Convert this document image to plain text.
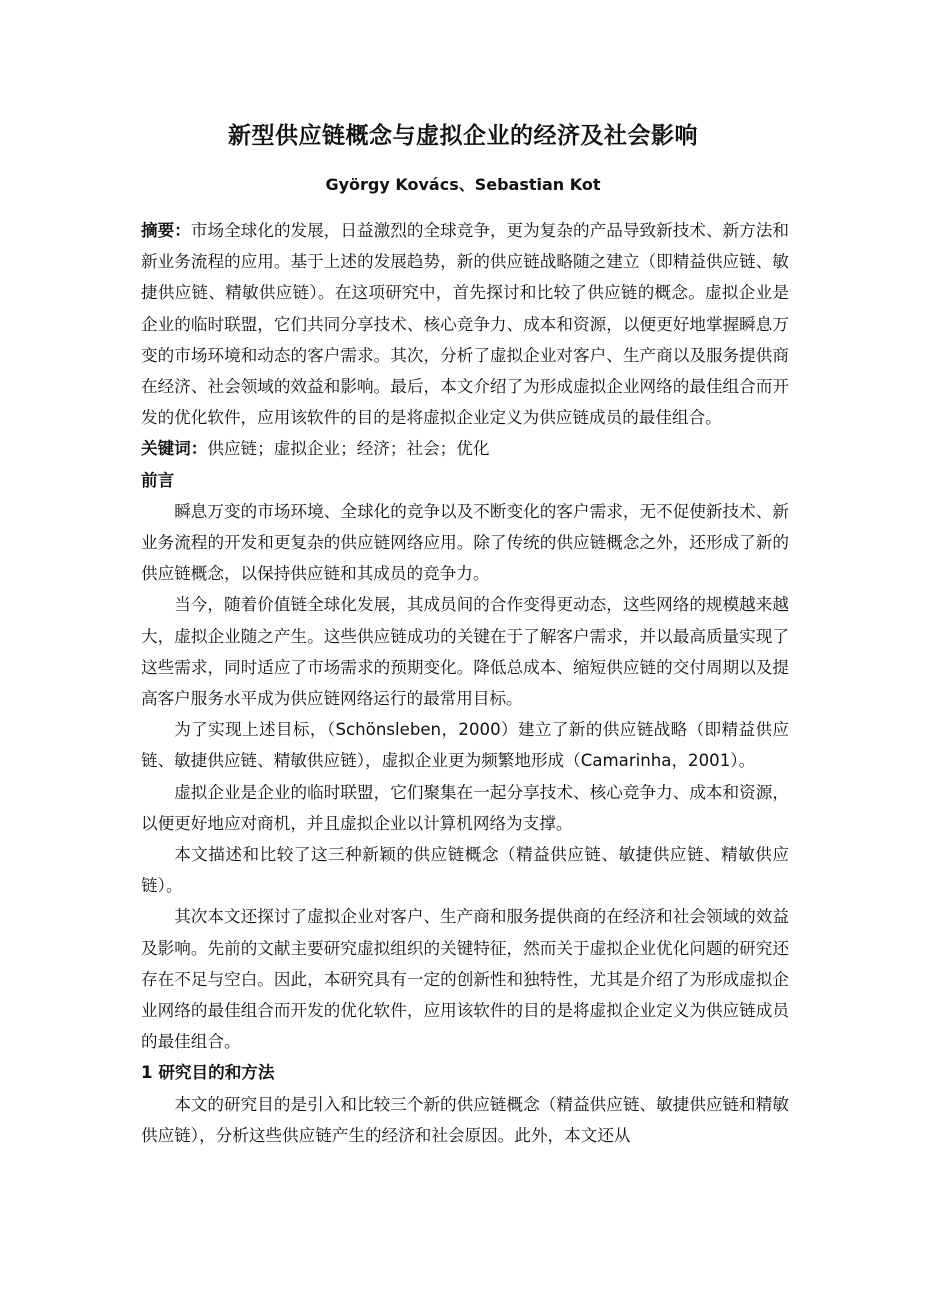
新型供应链概念与虚拟企业的经济及社会影响
György Kovács、Sebastian Kot

摘要：市场全球化的发展，日益激烈的全球竞争，更为复杂的产品导致新技术、新方法和新业务流程的应用。基于上述的发展趋势，新的供应链战略随之建立（即精益供应链、敏捷供应链、精敏供应链）。在这项研究中，首先探讨和比较了供应链的概念。虚拟企业是企业的临时联盟，它们共同分享技术、核心竞争力、成本和资源，以便更好地掌握瞬息万变的市场环境和动态的客户需求。其次，分析了虚拟企业对客户、生产商以及服务提供商在经济、社会领域的效益和影响。最后，本文介绍了为形成虚拟企业网络的最佳组合而开发的优化软件，应用该软件的目的是将虚拟企业定义为供应链成员的最佳组合。

关键词：供应链；虚拟企业；经济；社会；优化

前言

瞬息万变的市场环境、全球化的竞争以及不断变化的客户需求，无不促使新技术、新业务流程的开发和更复杂的供应链网络应用。除了传统的供应链概念之外，还形成了新的供应链概念，以保持供应链和其成员的竞争力。

当今，随着价值链全球化发展，其成员间的合作变得更动态，这些网络的规模越来越大，虚拟企业随之产生。这些供应链成功的关键在于了解客户需求，并以最高质量实现了这些需求，同时适应了市场需求的预期变化。降低总成本、缩短供应链的交付周期以及提高客户服务水平成为供应链网络运行的最常用目标。

为了实现上述目标，（Schönsleben，2000）建立了新的供应链战略（即精益供应链、敏捷供应链、精敏供应链），虚拟企业更为频繁地形成（Camarinha，2001）。

虚拟企业是企业的临时联盟，它们聚集在一起分享技术、核心竞争力、成本和资源，以便更好地应对商机，并且虚拟企业以计算机网络为支撑。

本文描述和比较了这三种新颖的供应链概念（精益供应链、敏捷供应链、精敏供应链）。

其次本文还探讨了虚拟企业对客户、生产商和服务提供商的在经济和社会领域的效益及影响。先前的文献主要研究虚拟组织的关键特征，然而关于虚拟企业优化问题的研究还存在不足与空白。因此，本研究具有一定的创新性和独特性，尤其是介绍了为形成虚拟企业网络的最佳组合而开发的优化软件，应用该软件的目的是将虚拟企业定义为供应链成员的最佳组合。

1 研究目的和方法

本文的研究目的是引入和比较三个新的供应链概念（精益供应链、敏捷供应链和精敏供应链），分析这些供应链产生的经济和社会原因。此外，本文还从
